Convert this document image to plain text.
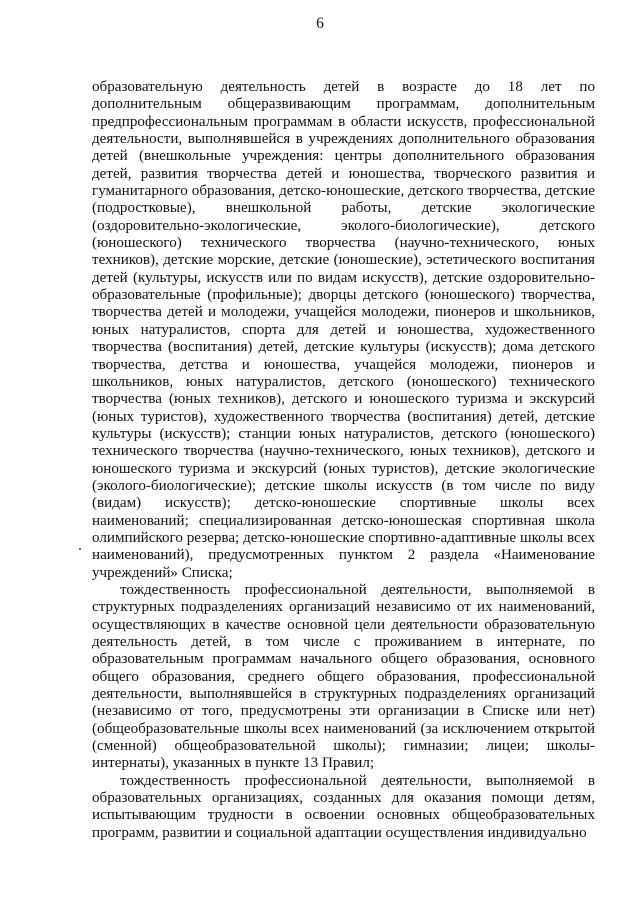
6

образовательную деятельность детей в возрасте до 18 лет по дополнительным общеразвивающим программам, дополнительным предпрофессиональным программам в области искусств, профессиональной деятельности, выполнявшейся в учреждениях дополнительного образования детей (внешкольные учреждения: центры дополнительного образования детей, развития творчества детей и юношества, творческого развития и гуманитарного образования, детско-юношеские, детского творчества, детские (подростковые), внешкольной работы, детские экологические (оздоровительно-экологические, эколого-биологические), детского (юношеского) технического творчества (научно-технического, юных техников), детские морские, детские (юношеские), эстетического воспитания детей (культуры, искусств или по видам искусств), детские оздоровительно-образовательные (профильные); дворцы детского (юношеского) творчества, творчества детей и молодежи, учащейся молодежи, пионеров и школьников, юных натуралистов, спорта для детей и юношества, художественного творчества (воспитания) детей, детские культуры (искусств); дома детского творчества, детства и юношества, учащейся молодежи, пионеров и школьников, юных натуралистов, детского (юношеского) технического творчества (юных техников), детского и юношеского туризма и экскурсий (юных туристов), художественного творчества (воспитания) детей, детские культуры (искусств); станции юных натуралистов, детского (юношеского) технического творчества (научно-технического, юных техников), детского и юношеского туризма и экскурсий (юных туристов), детские экологические (эколого-биологические); детские школы искусств (в том числе по виду (видам) искусств); детско-юношеские спортивные школы всех наименований; специализированная детско-юношеская спортивная школа олимпийского резерва; детско-юношеские спортивно-адаптивные школы всех наименований), предусмотренных пунктом 2 раздела «Наименование учреждений» Списка;

тождественность профессиональной деятельности, выполняемой в структурных подразделениях организаций независимо от их наименований, осуществляющих в качестве основной цели деятельности образовательную деятельность детей, в том числе с проживанием в интернате, по образовательным программам начального общего образования, основного общего образования, среднего общего образования, профессиональной деятельности, выполнявшейся в структурных подразделениях организаций (независимо от того, предусмотрены эти организации в Списке или нет) (общеобразовательные школы всех наименований (за исключением открытой (сменной) общеобразовательной школы); гимназии; лицеи; школы-интернаты), указанных в пункте 13 Правил;

тождественность профессиональной деятельности, выполняемой в образовательных организациях, созданных для оказания помощи детям, испытывающим трудности в освоении основных общеобразовательных программ, развитии и социальной адаптации осуществления индивидуально
